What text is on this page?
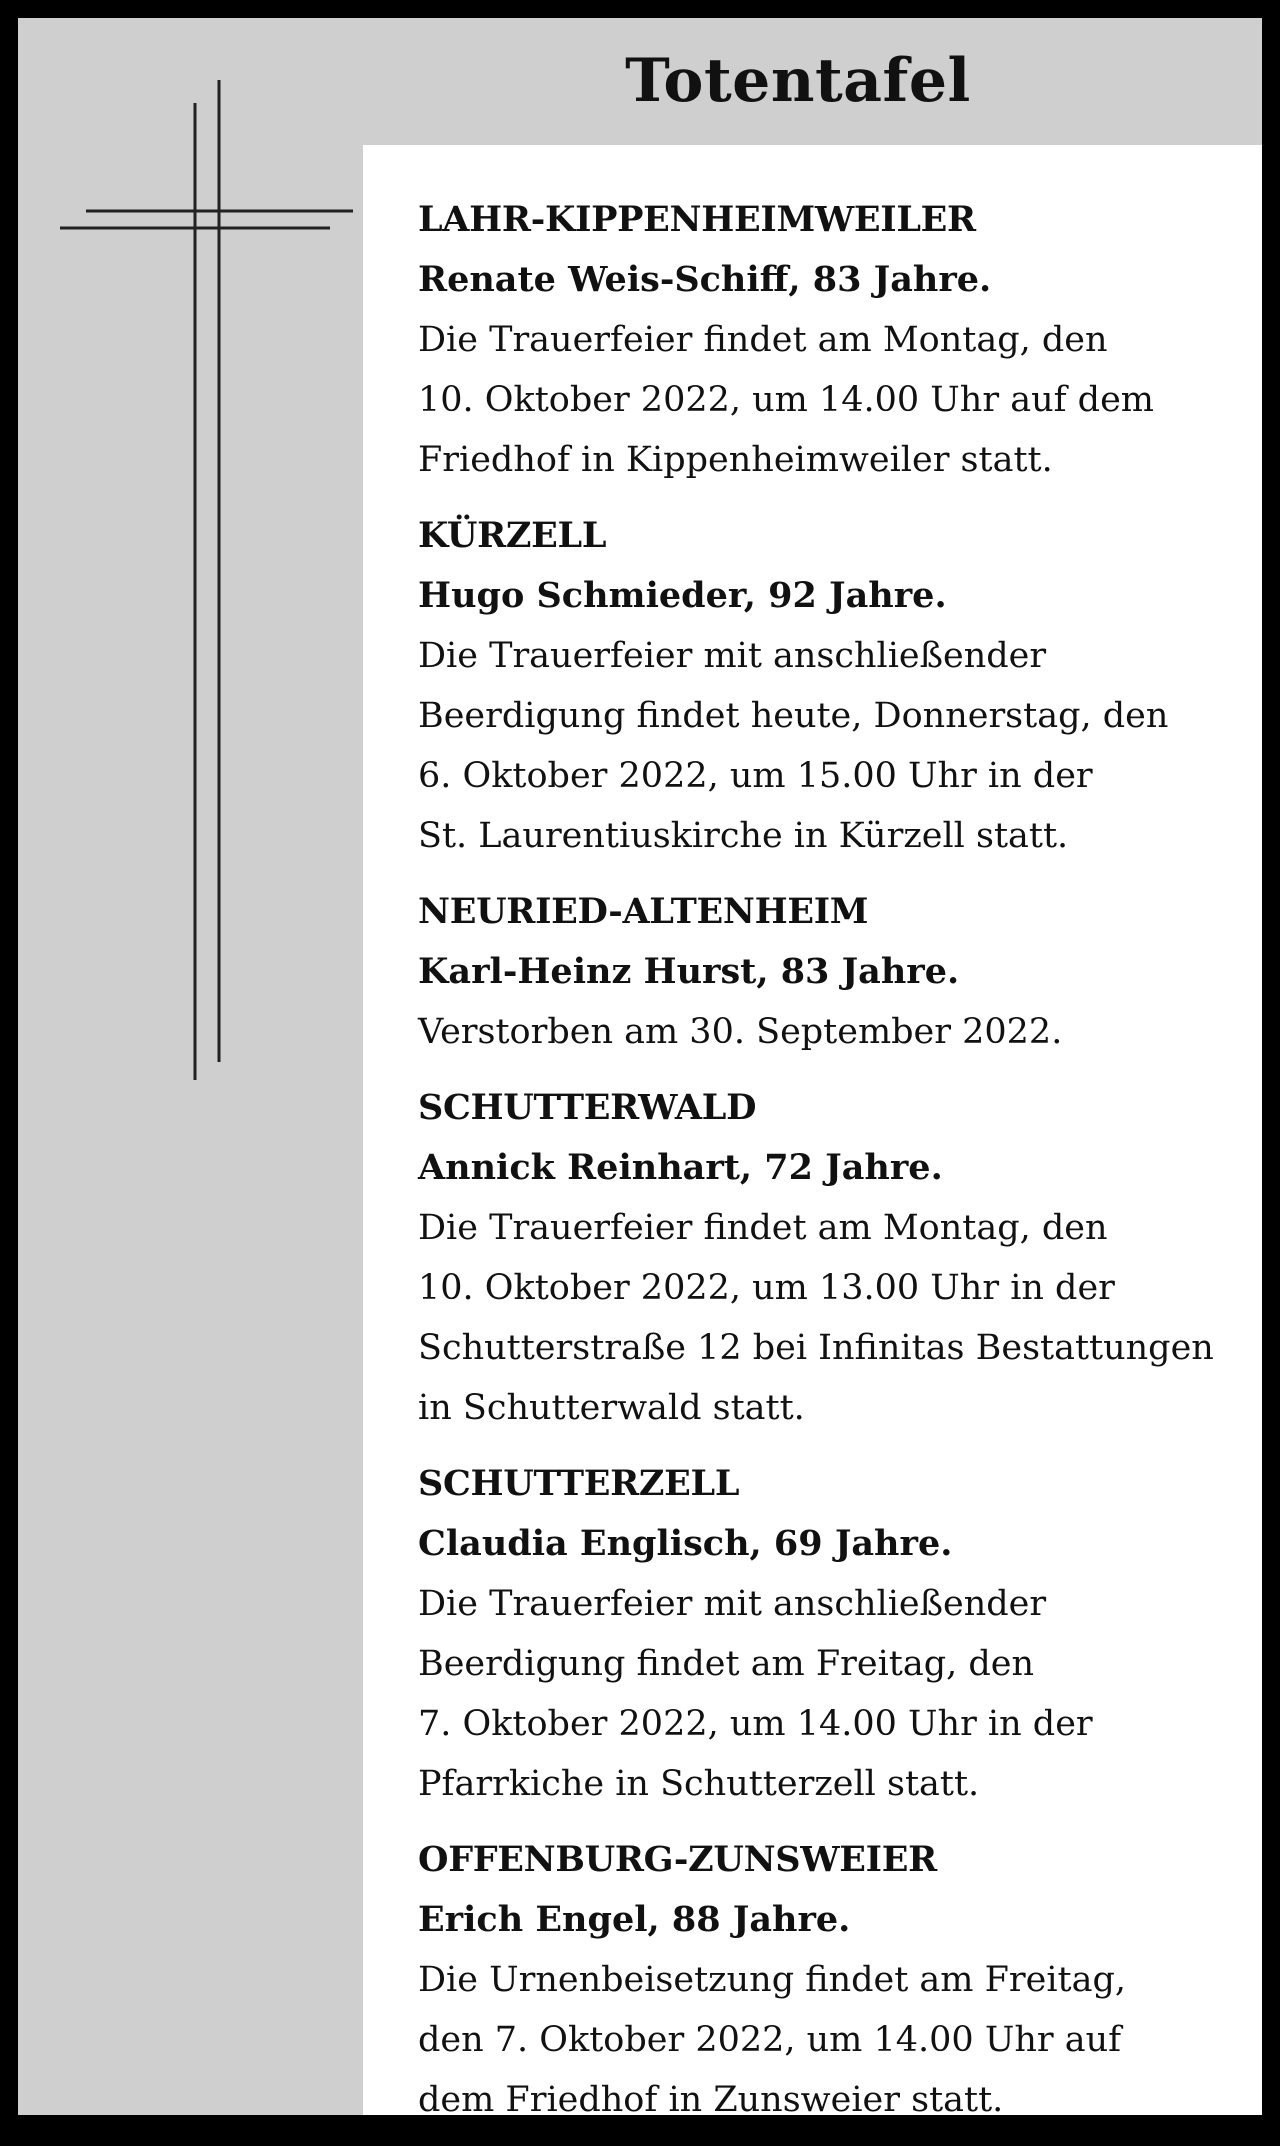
Totentafel
LAHR-KIPPENHEIMWEILER
Renate Weis-Schiff, 83 Jahre.
Die Trauerfeier findet am Montag, den
10. Oktober 2022, um 14.00 Uhr auf dem
Friedhof in Kippenheimweiler statt.
KÜRZELL
Hugo Schmieder, 92 Jahre.
Die Trauerfeier mit anschließender
Beerdigung findet heute, Donnerstag, den
6. Oktober 2022, um 15.00 Uhr in der
St. Laurentiuskirche in Kürzell statt.
NEURIED-ALTENHEIM
Karl-Heinz Hurst, 83 Jahre.
Verstorben am 30. September 2022.
SCHUTTERWALD
Annick Reinhart, 72 Jahre.
Die Trauerfeier findet am Montag, den
10. Oktober 2022, um 13.00 Uhr in der
Schutterstraße 12 bei Infinitas Bestattungen
in Schutterwald statt.
SCHUTTERZELL
Claudia Englisch, 69 Jahre.
Die Trauerfeier mit anschließender
Beerdigung findet am Freitag, den
7. Oktober 2022, um 14.00 Uhr in der
Pfarrkiche in Schutterzell statt.
OFFENBURG-ZUNSWEIER
Erich Engel, 88 Jahre.
Die Urnenbeisetzung findet am Freitag,
den 7. Oktober 2022, um 14.00 Uhr auf
dem Friedhof in Zunsweier statt.
